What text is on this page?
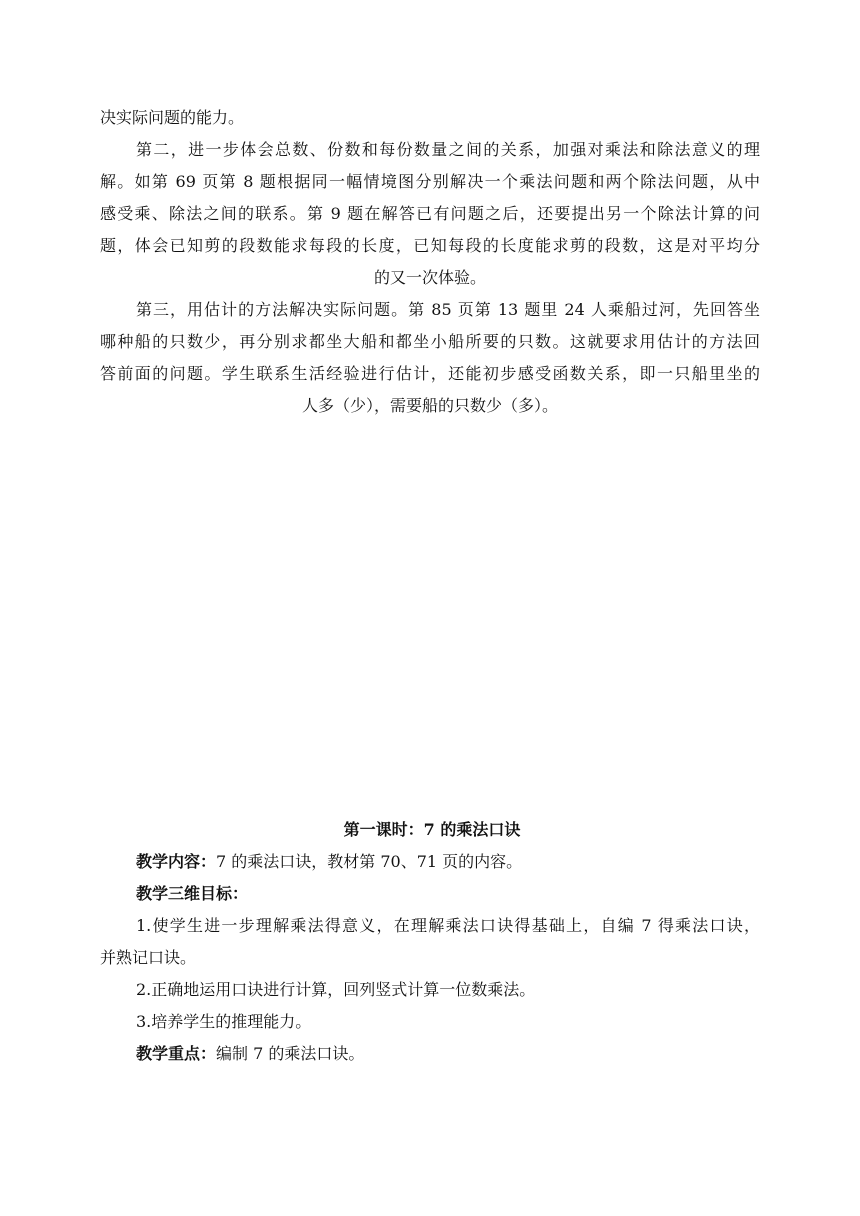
决实际问题的能力。
第二，进一步体会总数、份数和每份数量之间的关系，加强对乘法和除法意义的理
解。如第 69 页第 8 题根据同一幅情境图分别解决一个乘法问题和两个除法问题，从中
感受乘、除法之间的联系。第 9 题在解答已有问题之后，还要提出另一个除法计算的问
题，体会已知剪的段数能求每段的长度，已知每段的长度能求剪的段数，这是对平均分
的又一次体验。
第三，用估计的方法解决实际问题。第 85 页第 13 题里 24 人乘船过河，先回答坐
哪种船的只数少，再分别求都坐大船和都坐小船所要的只数。这就要求用估计的方法回
答前面的问题。学生联系生活经验进行估计，还能初步感受函数关系，即一只船里坐的
人多（少），需要船的只数少（多）。
第一课时：7 的乘法口诀
教学内容：7 的乘法口诀，教材第 70、71 页的内容。
教学三维目标：
1.使学生进一步理解乘法得意义，在理解乘法口诀得基础上，自编 7 得乘法口诀，
并熟记口诀。
2.正确地运用口诀进行计算，回列竖式计算一位数乘法。
3.培养学生的推理能力。
教学重点：编制 7 的乘法口诀。
